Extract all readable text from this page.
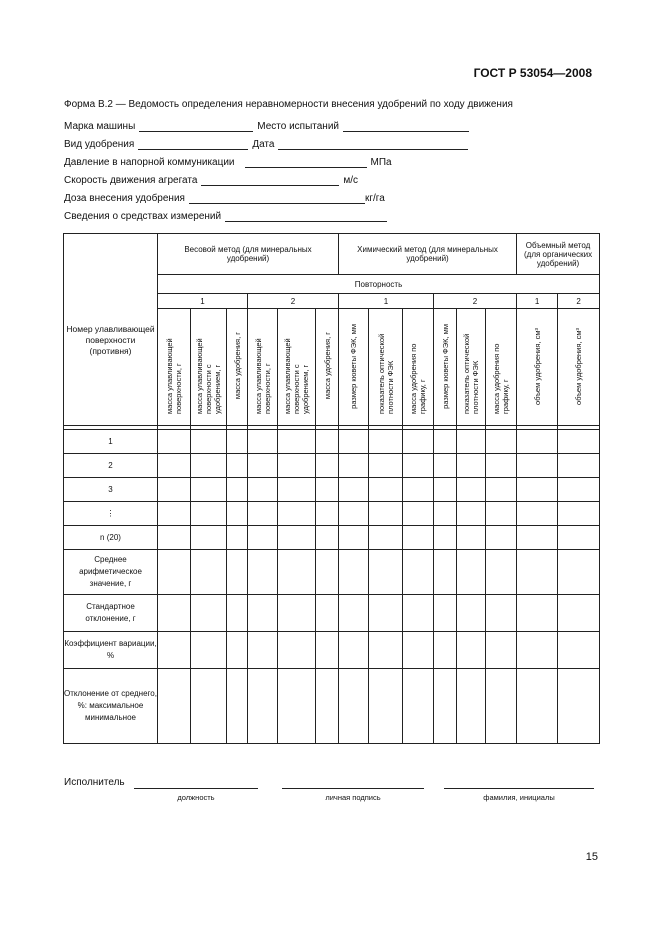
ГОСТ Р 53054—2008
Форма В.2 — Ведомость определения неравномерности внесения удобрений по ходу движения
Марка машины	Место испытаний
Вид удобрения	Дата
Давление в напорной коммуникации	МПа
Скорость движения агрегата	м/с
Доза внесения удобрения	кг/га
Сведения о средствах измерений
Номер улавливающей поверхности (противня)	Весовой метод (для минеральных удобрений)						Химический метод (для минеральных удобрений)						Объемный метод (для органических удобрений)	
	Повторность													
	1			2			1			2			1	2
	масса улавливающей поверхности, г	масса улавливающей поверхности с удобрением, г	масса удобрения, г	масса улавливающей поверхности, г	масса улавливающей поверхности с удобрением, г	масса удобрения, г	размер кюветы ФЭК, мм	показатель оптической плотности ФЭК	масса удобрения по графику, г	размер кюветы ФЭК, мм	показатель оптической плотности ФЭК	масса удобрения по графику, г	объем удобрения, см³	объем удобрения, см³

1														
2														
3														
⋮														
n (20)														
Среднее арифметическое значение, г														
Стандартное отклонение, г														
Коэффициент вариации, %														
Отклонение от среднего, %: максимальное минимальное														
Исполнитель
должность	личная подпись	фамилия, инициалы
15
